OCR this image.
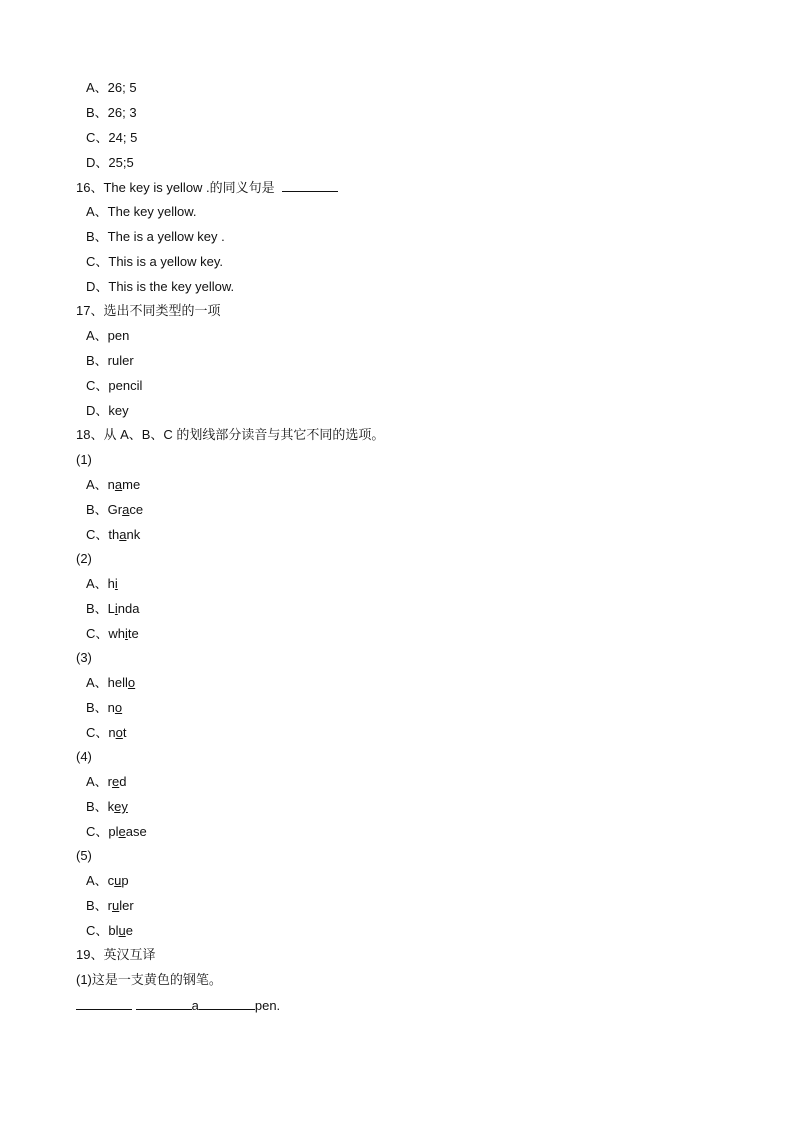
A、26; 5
B、26; 3
C、24; 5
D、25;5
16、The key is yellow .的同义句是
A、The key yellow.
B、The is a yellow key .
C、This is a yellow key.
D、This is the key yellow.
17、选出不同类型的一项
A、pen
B、ruler
C、pencil
D、key
18、从 A、B、C 的划线部分读音与其它不同的选项。
(1)
A、name
B、Grace
C、thank
(2)
A、hi
B、Linda
C、white
(3)
A、hello
B、no
C、not
(4)
A、red
B、key
C、please
(5)
A、cup
B、ruler
C、blue
19、英汉互译
(1)这是一支黄色的钢笔。
a	pen.
